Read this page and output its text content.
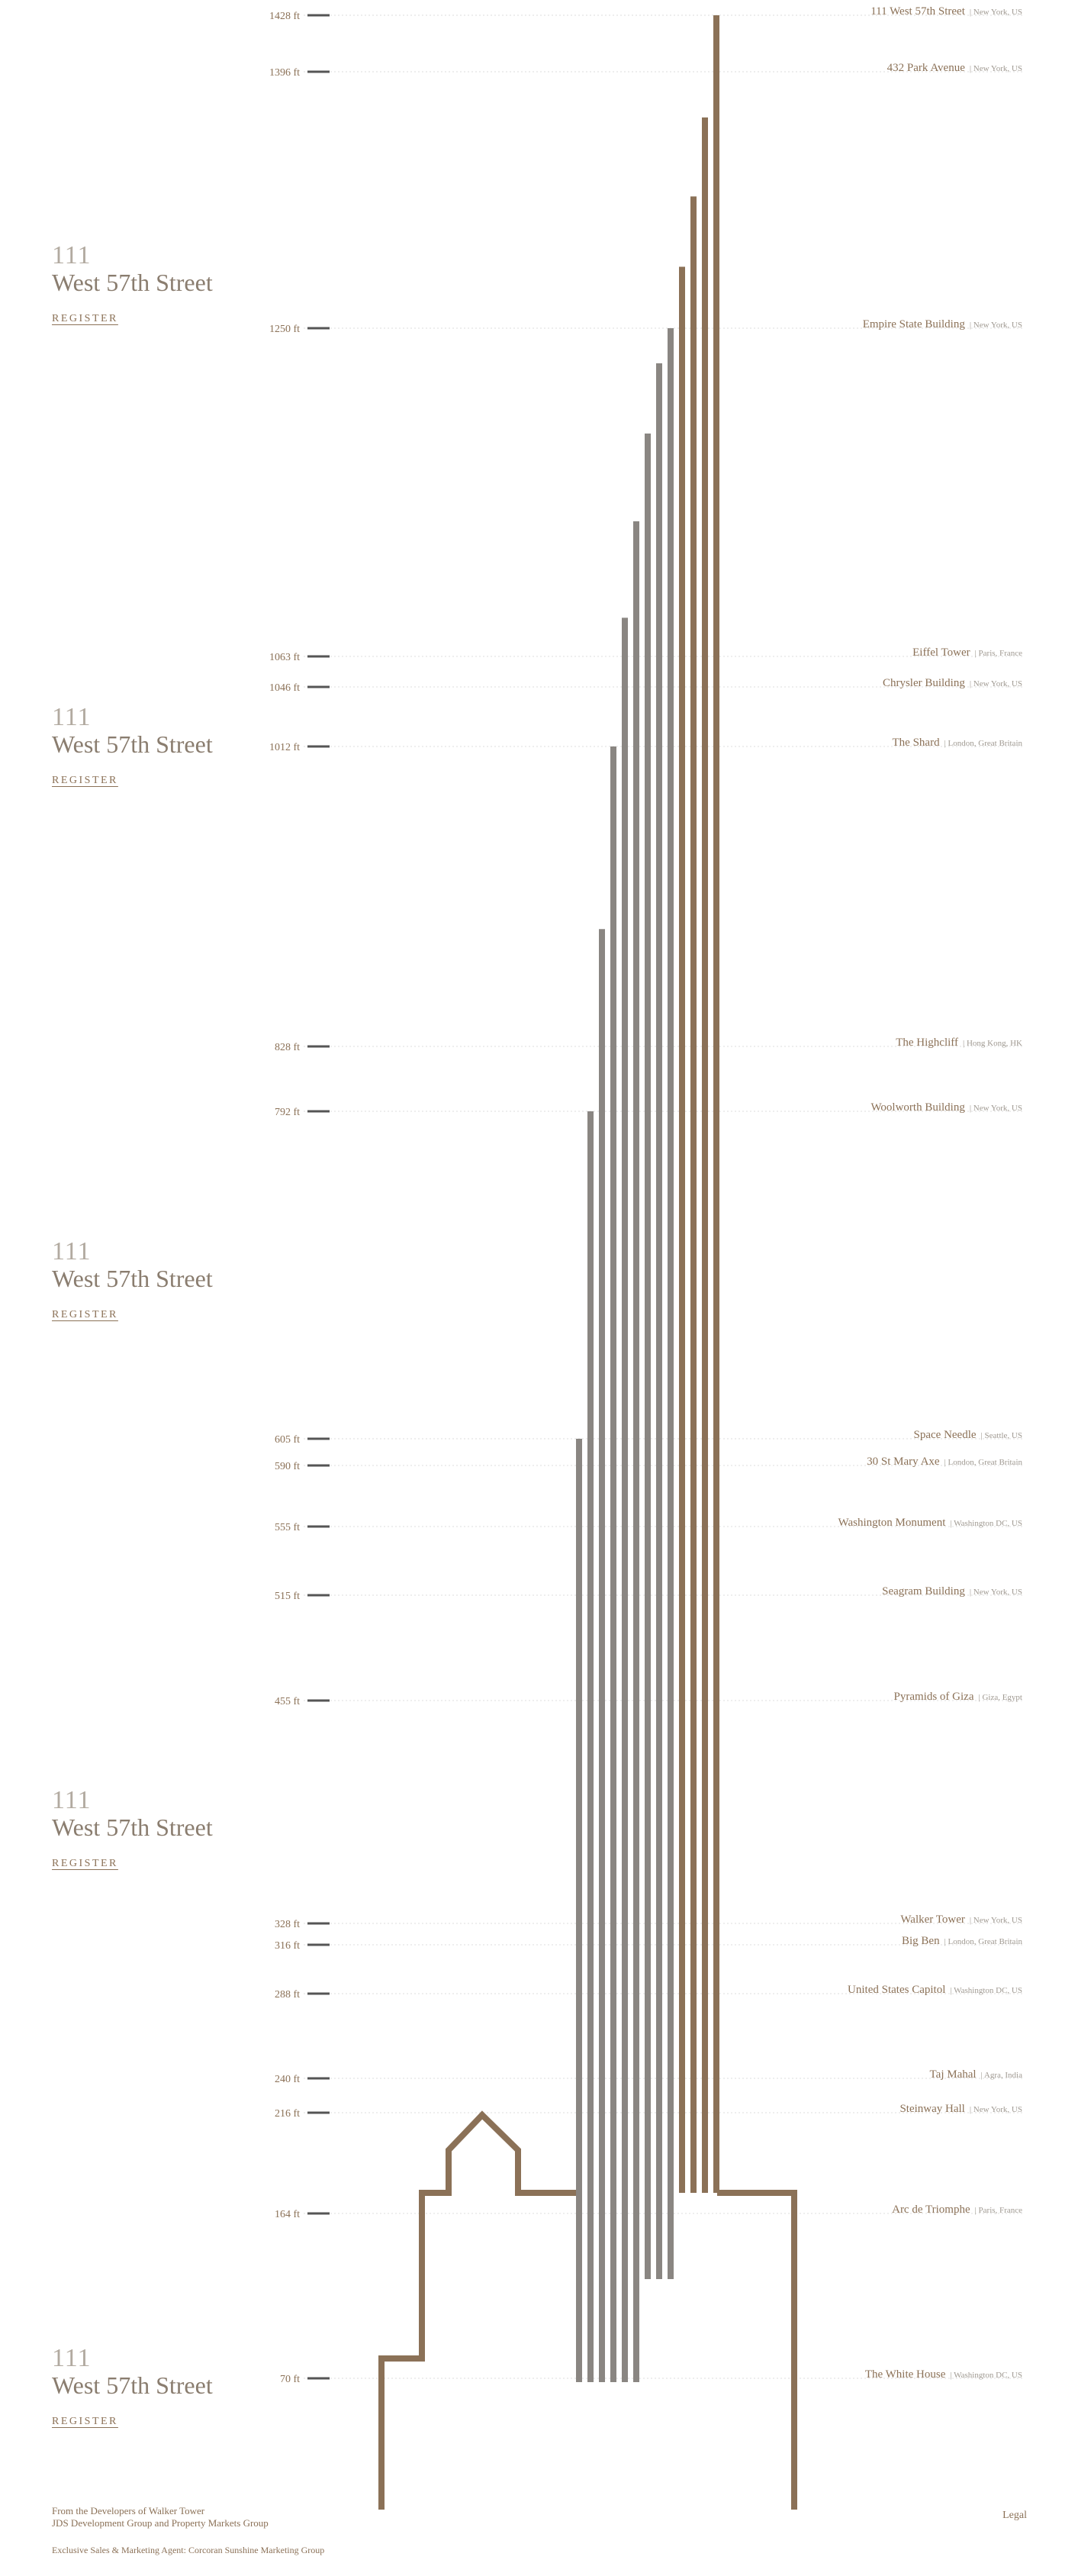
1428 ft	111 West 57th Street | New York, US
1396 ft	432 Park Avenue | New York, US
1250 ft	Empire State Building | New York, US
1063 ft	Eiffel Tower | Paris, France
1046 ft	Chrysler Building | New York, US
1012 ft	The Shard | London, Great Britain
828 ft	The Highcliff | Hong Kong, HK
792 ft	Woolworth Building | New York, US
605 ft	Space Needle | Seattle, US
590 ft	30 St Mary Axe | London, Great Britain
555 ft	Washington Monument | Washington DC, US
515 ft	Seagram Building | New York, US
455 ft	Pyramids of Giza | Giza, Egypt
328 ft	Walker Tower | New York, US
316 ft	Big Ben | London, Great Britain
288 ft	United States Capitol | Washington DC, US
240 ft	Taj Mahal | Agra, India
216 ft	Steinway Hall | New York, US
164 ft	Arc de Triomphe | Paris, France
70 ft	The White House | Washington DC, US
111
West 57th Street
REGISTER
111
West 57th Street
REGISTER
111
West 57th Street
REGISTER
111
West 57th Street
REGISTER
111
West 57th Street
REGISTER
From the Developers of Walker Tower
JDS Development Group and Property Markets Group
Exclusive Sales & Marketing Agent: Corcoran Sunshine Marketing Group
Legal
